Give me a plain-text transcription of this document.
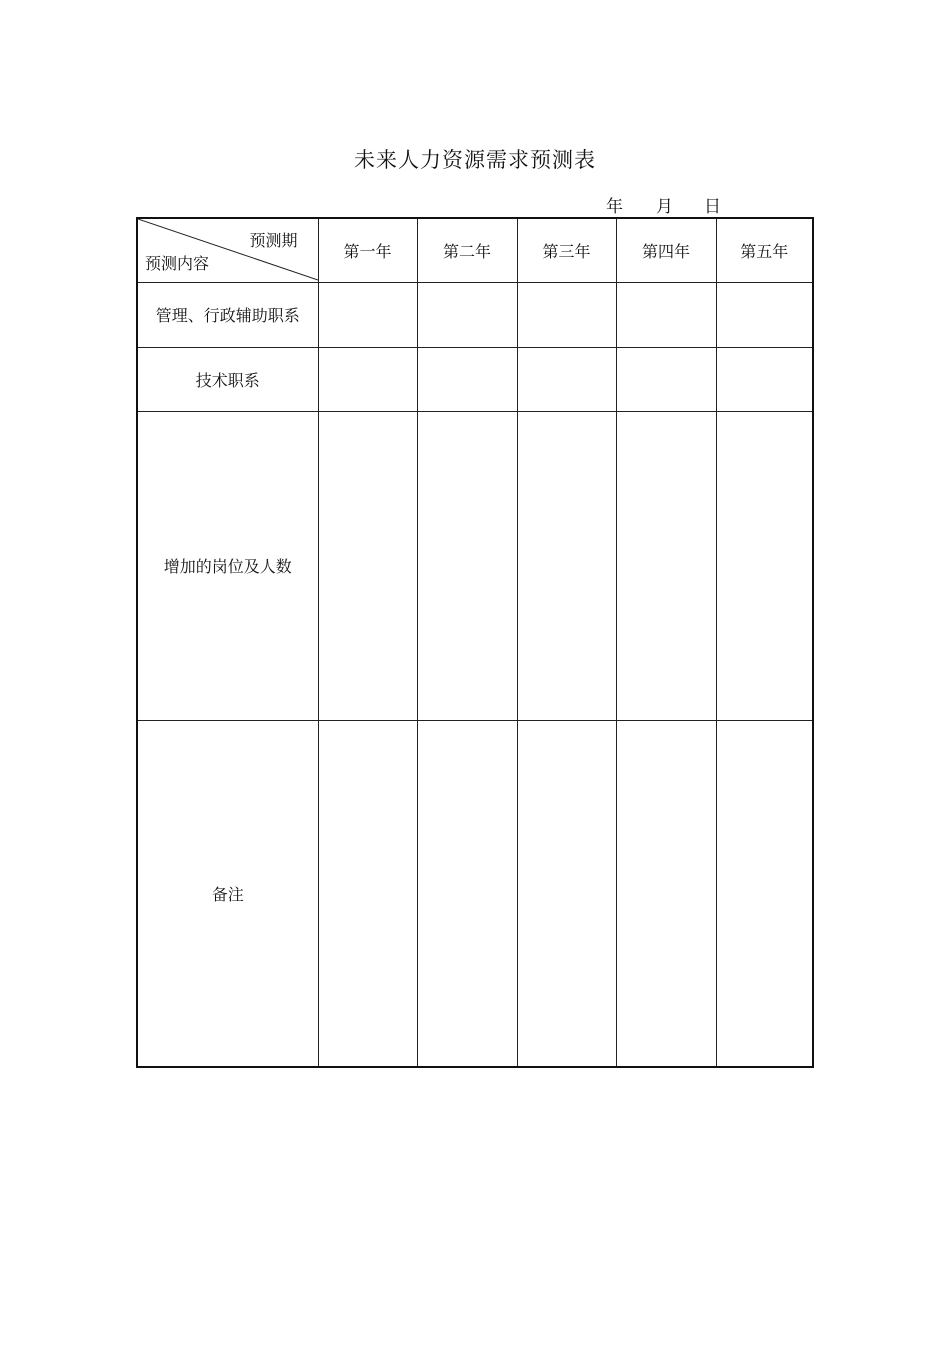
未来人力资源需求预测表
年 月 日
预测期
预测内容	第一年	第二年	第三年	第四年	第五年
管理、行政辅助职系					
技术职系					
增加的岗位及人数					
备注					
